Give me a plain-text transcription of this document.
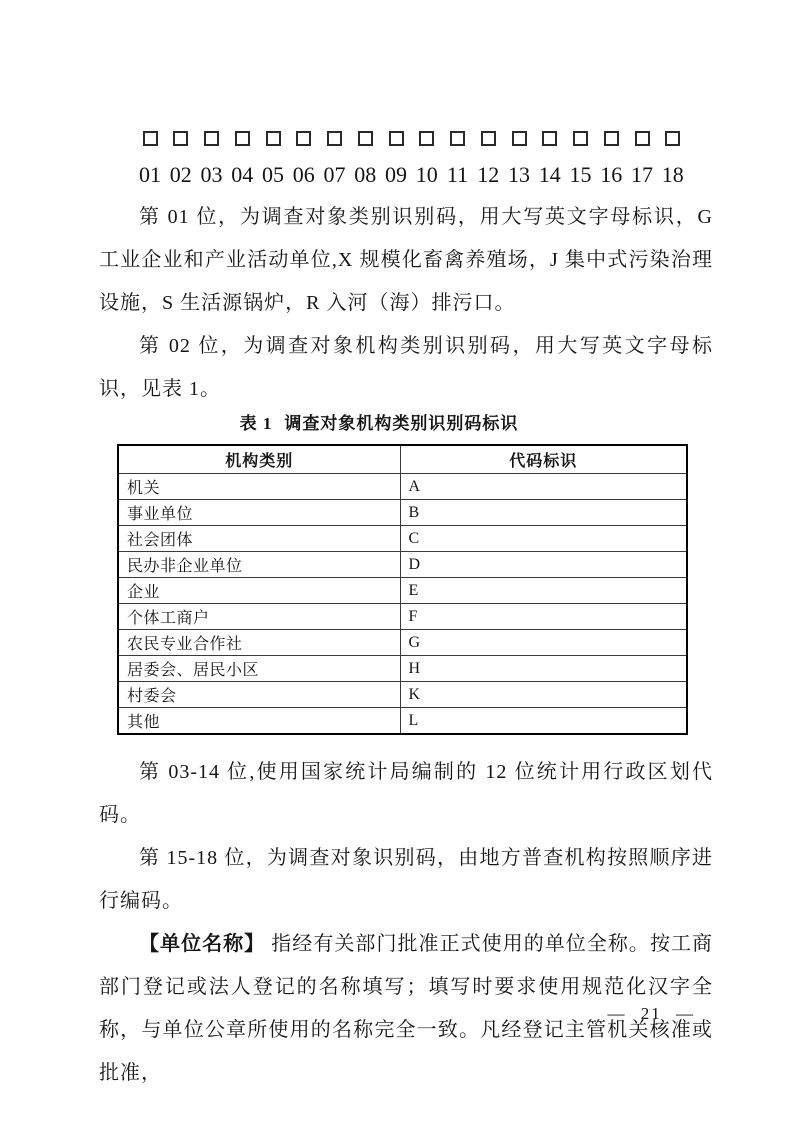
01 02 03 04 05 06 07 08 09 10 11 12 13 14 15 16 17 18

第 01 位，为调查对象类别识别码，用大写英文字母标识，G 工业企业和产业活动单位,X 规模化畜禽养殖场，J 集中式污染治理设施，S 生活源锅炉，R 入河（海）排污口。

第 02 位，为调查对象机构类别识别码，用大写英文字母标识，见表 1。

表 1 调查对象机构类别识别码标识
机构类别	代码标识
机关	A
事业单位	B
社会团体	C
民办非企业单位	D
企业	E
个体工商户	F
农民专业合作社	G
居委会、居民小区	H
村委会	K
其他	L

第 03-14 位,使用国家统计局编制的 12 位统计用行政区划代码。

第 15-18 位，为调查对象识别码，由地方普查机构按照顺序进行编码。

【单位名称】 指经有关部门批准正式使用的单位全称。按工商部门登记或法人登记的名称填写；填写时要求使用规范化汉字全称，与单位公章所使用的名称完全一致。凡经登记主管机关核准或批准，

— 21 —
